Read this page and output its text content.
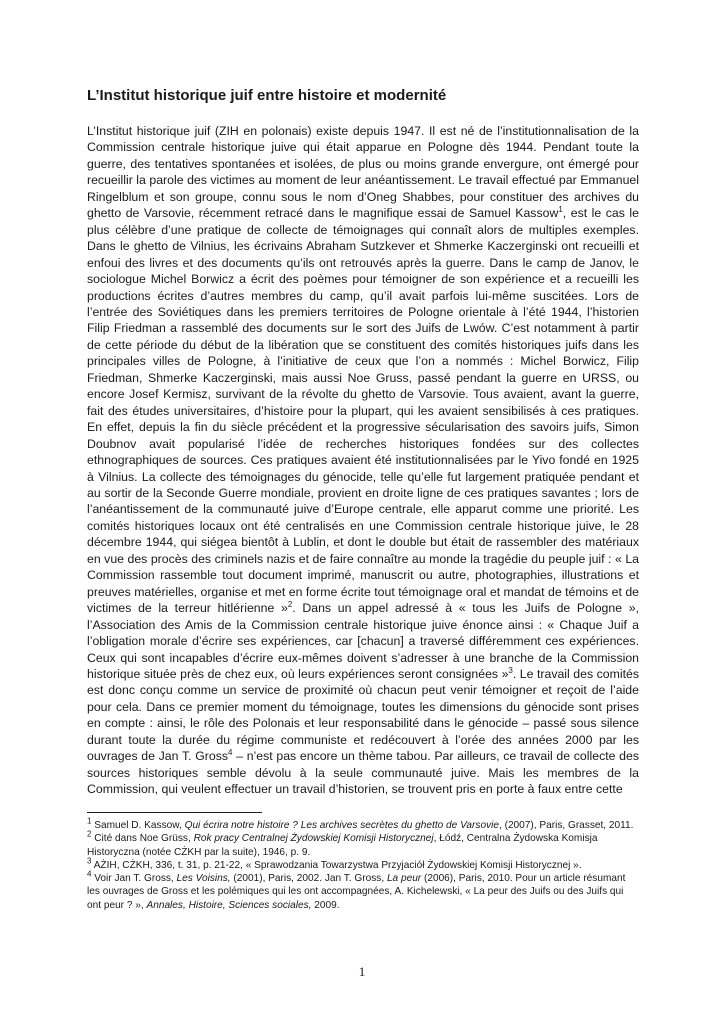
L’Institut historique juif entre histoire et modernité

L’Institut historique juif (ZIH en polonais) existe depuis 1947. Il est né de l’institutionnalisation de la Commission centrale historique juive qui était apparue en Pologne dès 1944. Pendant toute la guerre, des tentatives spontanées et isolées, de plus ou moins grande envergure, ont émergé pour recueillir la parole des victimes au moment de leur anéantissement. Le travail effectué par Emmanuel Ringelblum et son groupe, connu sous le nom d’Oneg Shabbes, pour constituer des archives du ghetto de Varsovie, récemment retracé dans le magnifique essai de Samuel Kassow$^1$, est le cas le plus célèbre d’une pratique de collecte de témoignages qui connaît alors de multiples exemples. Dans le ghetto de Vilnius, les écrivains Abraham Sutzkever et Shmerke Kaczerginski ont recueilli et enfoui des livres et des documents qu’ils ont retrouvés après la guerre. Dans le camp de Janov, le sociologue Michel Borwicz a écrit des poèmes pour témoigner de son expérience et a recueilli les productions écrites d’autres membres du camp, qu’il avait parfois lui-même suscitées. Lors de l’entrée des Soviétiques dans les premiers territoires de Pologne orientale à l’été 1944, l’historien Filip Friedman a rassemblé des documents sur le sort des Juifs de Lwów. C’est notamment à partir de cette période du début de la libération que se constituent des comités historiques juifs dans les principales villes de Pologne, à l’initiative de ceux que l’on a nommés : Michel Borwicz, Filip Friedman, Shmerke Kaczerginski, mais aussi Noe Gruss, passé pendant la guerre en URSS, ou encore Josef Kermisz, survivant de la révolte du ghetto de Varsovie. Tous avaient, avant la guerre, fait des études universitaires, d’histoire pour la plupart, qui les avaient sensibilisés à ces pratiques. En effet, depuis la fin du siècle précédent et la progressive sécularisation des savoirs juifs, Simon Doubnov avait popularisé l’idée de recherches historiques fondées sur des collectes ethnographiques de sources. Ces pratiques avaient été institutionnalisées par le Yivo fondé en 1925 à Vilnius. La collecte des témoignages du génocide, telle qu’elle fut largement pratiquée pendant et au sortir de la Seconde Guerre mondiale, provient en droite ligne de ces pratiques savantes ; lors de l’anéantissement de la communauté juive d’Europe centrale, elle apparut comme une priorité. Les comités historiques locaux ont été centralisés en une Commission centrale historique juive, le 28 décembre 1944, qui siégea bientôt à Lublin, et dont le double but était de rassembler des matériaux en vue des procès des criminels nazis et de faire connaître au monde la tragédie du peuple juif : « La Commission rassemble tout document imprimé, manuscrit ou autre, photographies, illustrations et preuves matérielles, organise et met en forme écrite tout témoignage oral et mandat de témoins et de victimes de la terreur hitlérienne »$^2$. Dans un appel adressé à « tous les Juifs de Pologne », l’Association des Amis de la Commission centrale historique juive énonce ainsi : « Chaque Juif a l’obligation morale d’écrire ses expériences, car [chacun] a traversé différemment ces expériences. Ceux qui sont incapables d’écrire eux-mêmes doivent s’adresser à une branche de la Commission historique située près de chez eux, où leurs expériences seront consignées »$^3$. Le travail des comités est donc conçu comme un service de proximité où chacun peut venir témoigner et reçoit de l’aide pour cela. Dans ce premier moment du témoignage, toutes les dimensions du génocide sont prises en compte : ainsi, le rôle des Polonais et leur responsabilité dans le génocide – passé sous silence durant toute la durée du régime communiste et redécouvert à l’orée des années 2000 par les ouvrages de Jan T. Gross$^4$ – n’est pas encore un thème tabou. Par ailleurs, ce travail de collecte des sources historiques semble dévolu à la seule communauté juive. Mais les membres de la Commission, qui veulent effectuer un travail d’historien, se trouvent pris en porte à faux entre cette

$^1$ Samuel D. Kassow, Qui écrira notre histoire ? Les archives secrètes du ghetto de Varsovie, (2007), Paris, Grasset, 2011.

$^2$ Cité dans Noe Grüss, Rok pracy Centralnej Żydowskiej Komisji Historycznej, Łódź, Centralna Żydowska Komisja Historyczna (notée CŻKH par la suite), 1946, p. 9.

$^3$ AŻIH, CŻKH, 336, t. 31, p. 21-22, « Sprawodzania Towarzystwa Przyjaciół Żydowskiej Komisji Historycznej ».

$^4$ Voir Jan T. Gross, Les Voisins, (2001), Paris, 2002. Jan T. Gross, La peur (2006), Paris, 2010. Pour un article résumant les ouvrages de Gross et les polémiques qui les ont accompagnées, A. Kichelewski, « La peur des Juifs ou des Juifs qui ont peur ? », Annales, Histoire, Sciences sociales, 2009.

1
